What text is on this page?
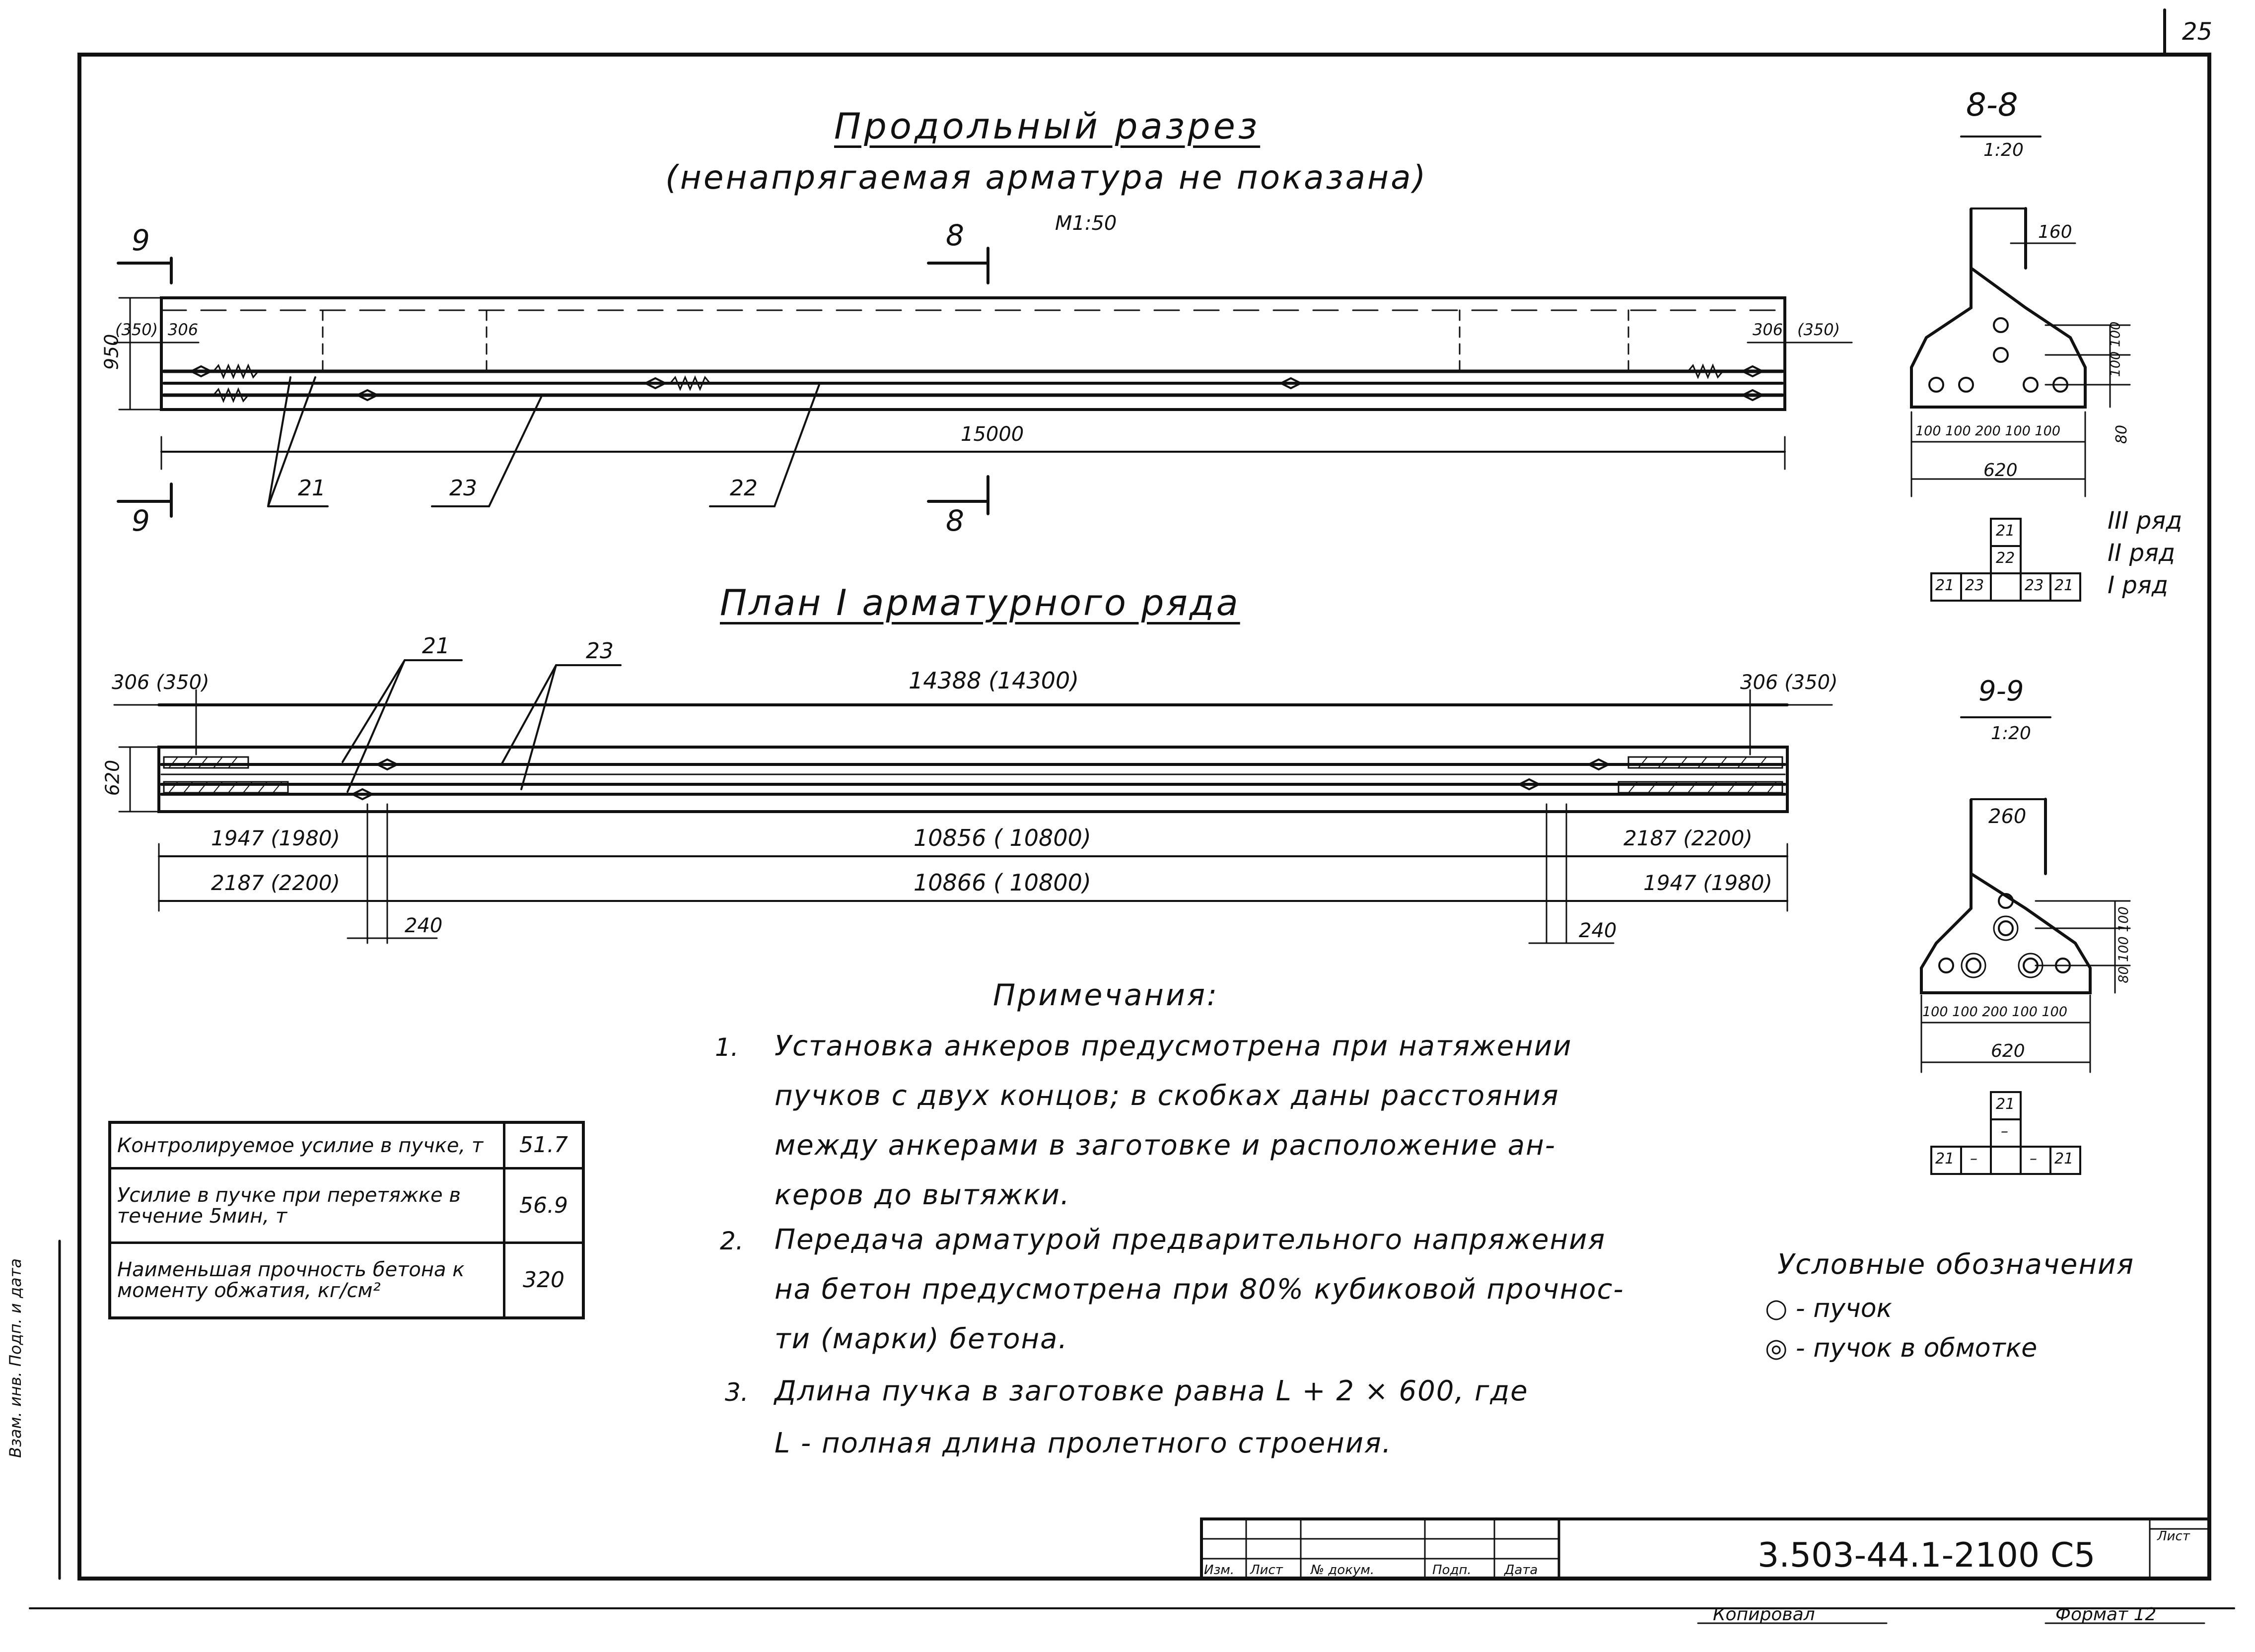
25
Продольный разрез
(ненапрягаемая арматура не показана)
М1:50
9
9
8
8
950
(350) 306	306 (350)
15000
21	23	22
План I арматурного ряда
21	23
620
306 (350)	14388 (14300)	306 (350)
1947 (1980)	10856 ( 10800)	2187 (2200)
2187 (2200)	10866 ( 10800)	1947 (1980)
240	240
8-8
1:20
160
100 100 200 100 100
620
100 100
80
III ряд
II ряд
I ряд
21
22
21 23	23 21
9-9
1:20
260
100 100 200 100 100
620
80 100 100
21
–
21 –	– 21
Контролируемое усилие в пучке, т	51.7
Усилие в пучке при перетяжке в течение 5мин, т	56.9
Наименьшая прочность бетона к моменту обжатия, кг/см²	320
Примечания:
1. Установка анкеров предусмотрена при натяжении
пучков с двух концов; в скобках даны расстояния
между анкерами в заготовке и расположение ан-
керов до вытяжки.
2. Передача арматурой предварительного напряжения
на бетон предусмотрена при 80% кубиковой прочнос-
ти (марки) бетона.
3. Длина пучка в заготовке равна L + 2 × 600, где
L - полная длина пролетного строения.
Условные обозначения
○ - пучок
◎ - пучок в обмотке
3.503-44.1-2100 С5	Лист
Изм. Лист № докум.	Подп.	Дата
Копировал	Формат 12
Взам. инв. Подп. и дата
